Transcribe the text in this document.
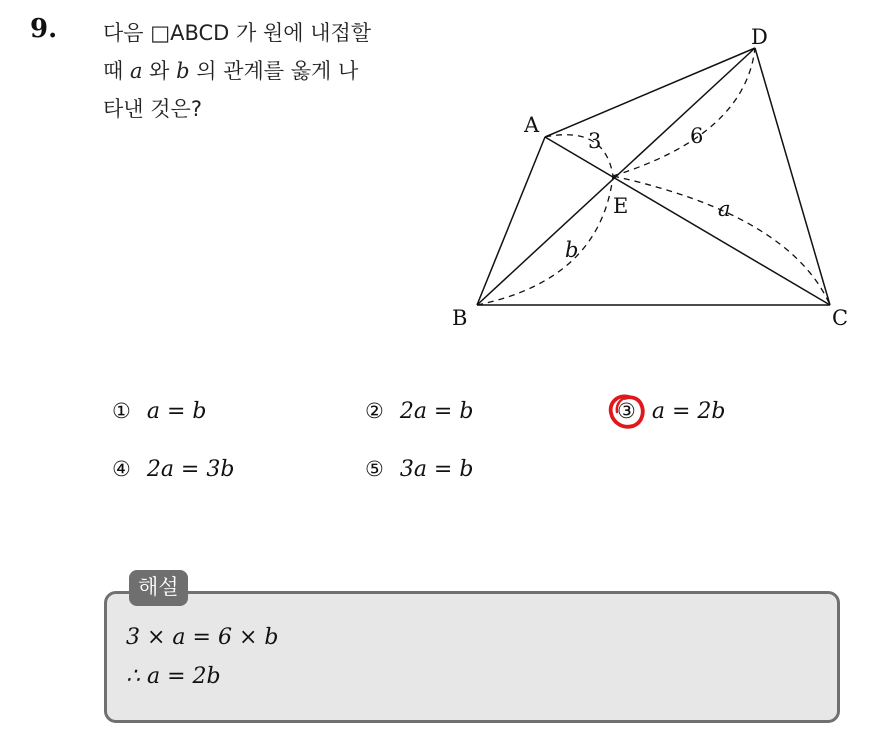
9. 다음 □ABCD 가 원에 내접할
때 a 와 b 의 관계를 옳게 나
타낸 것은?
A
B	C
D
E
3	6
a
b
① a = b	② 2a = b	③ a = 2b
④ 2a = 3b	⑤ 3a = b
해설
3 × a = 6 × b
∴ a = 2b
